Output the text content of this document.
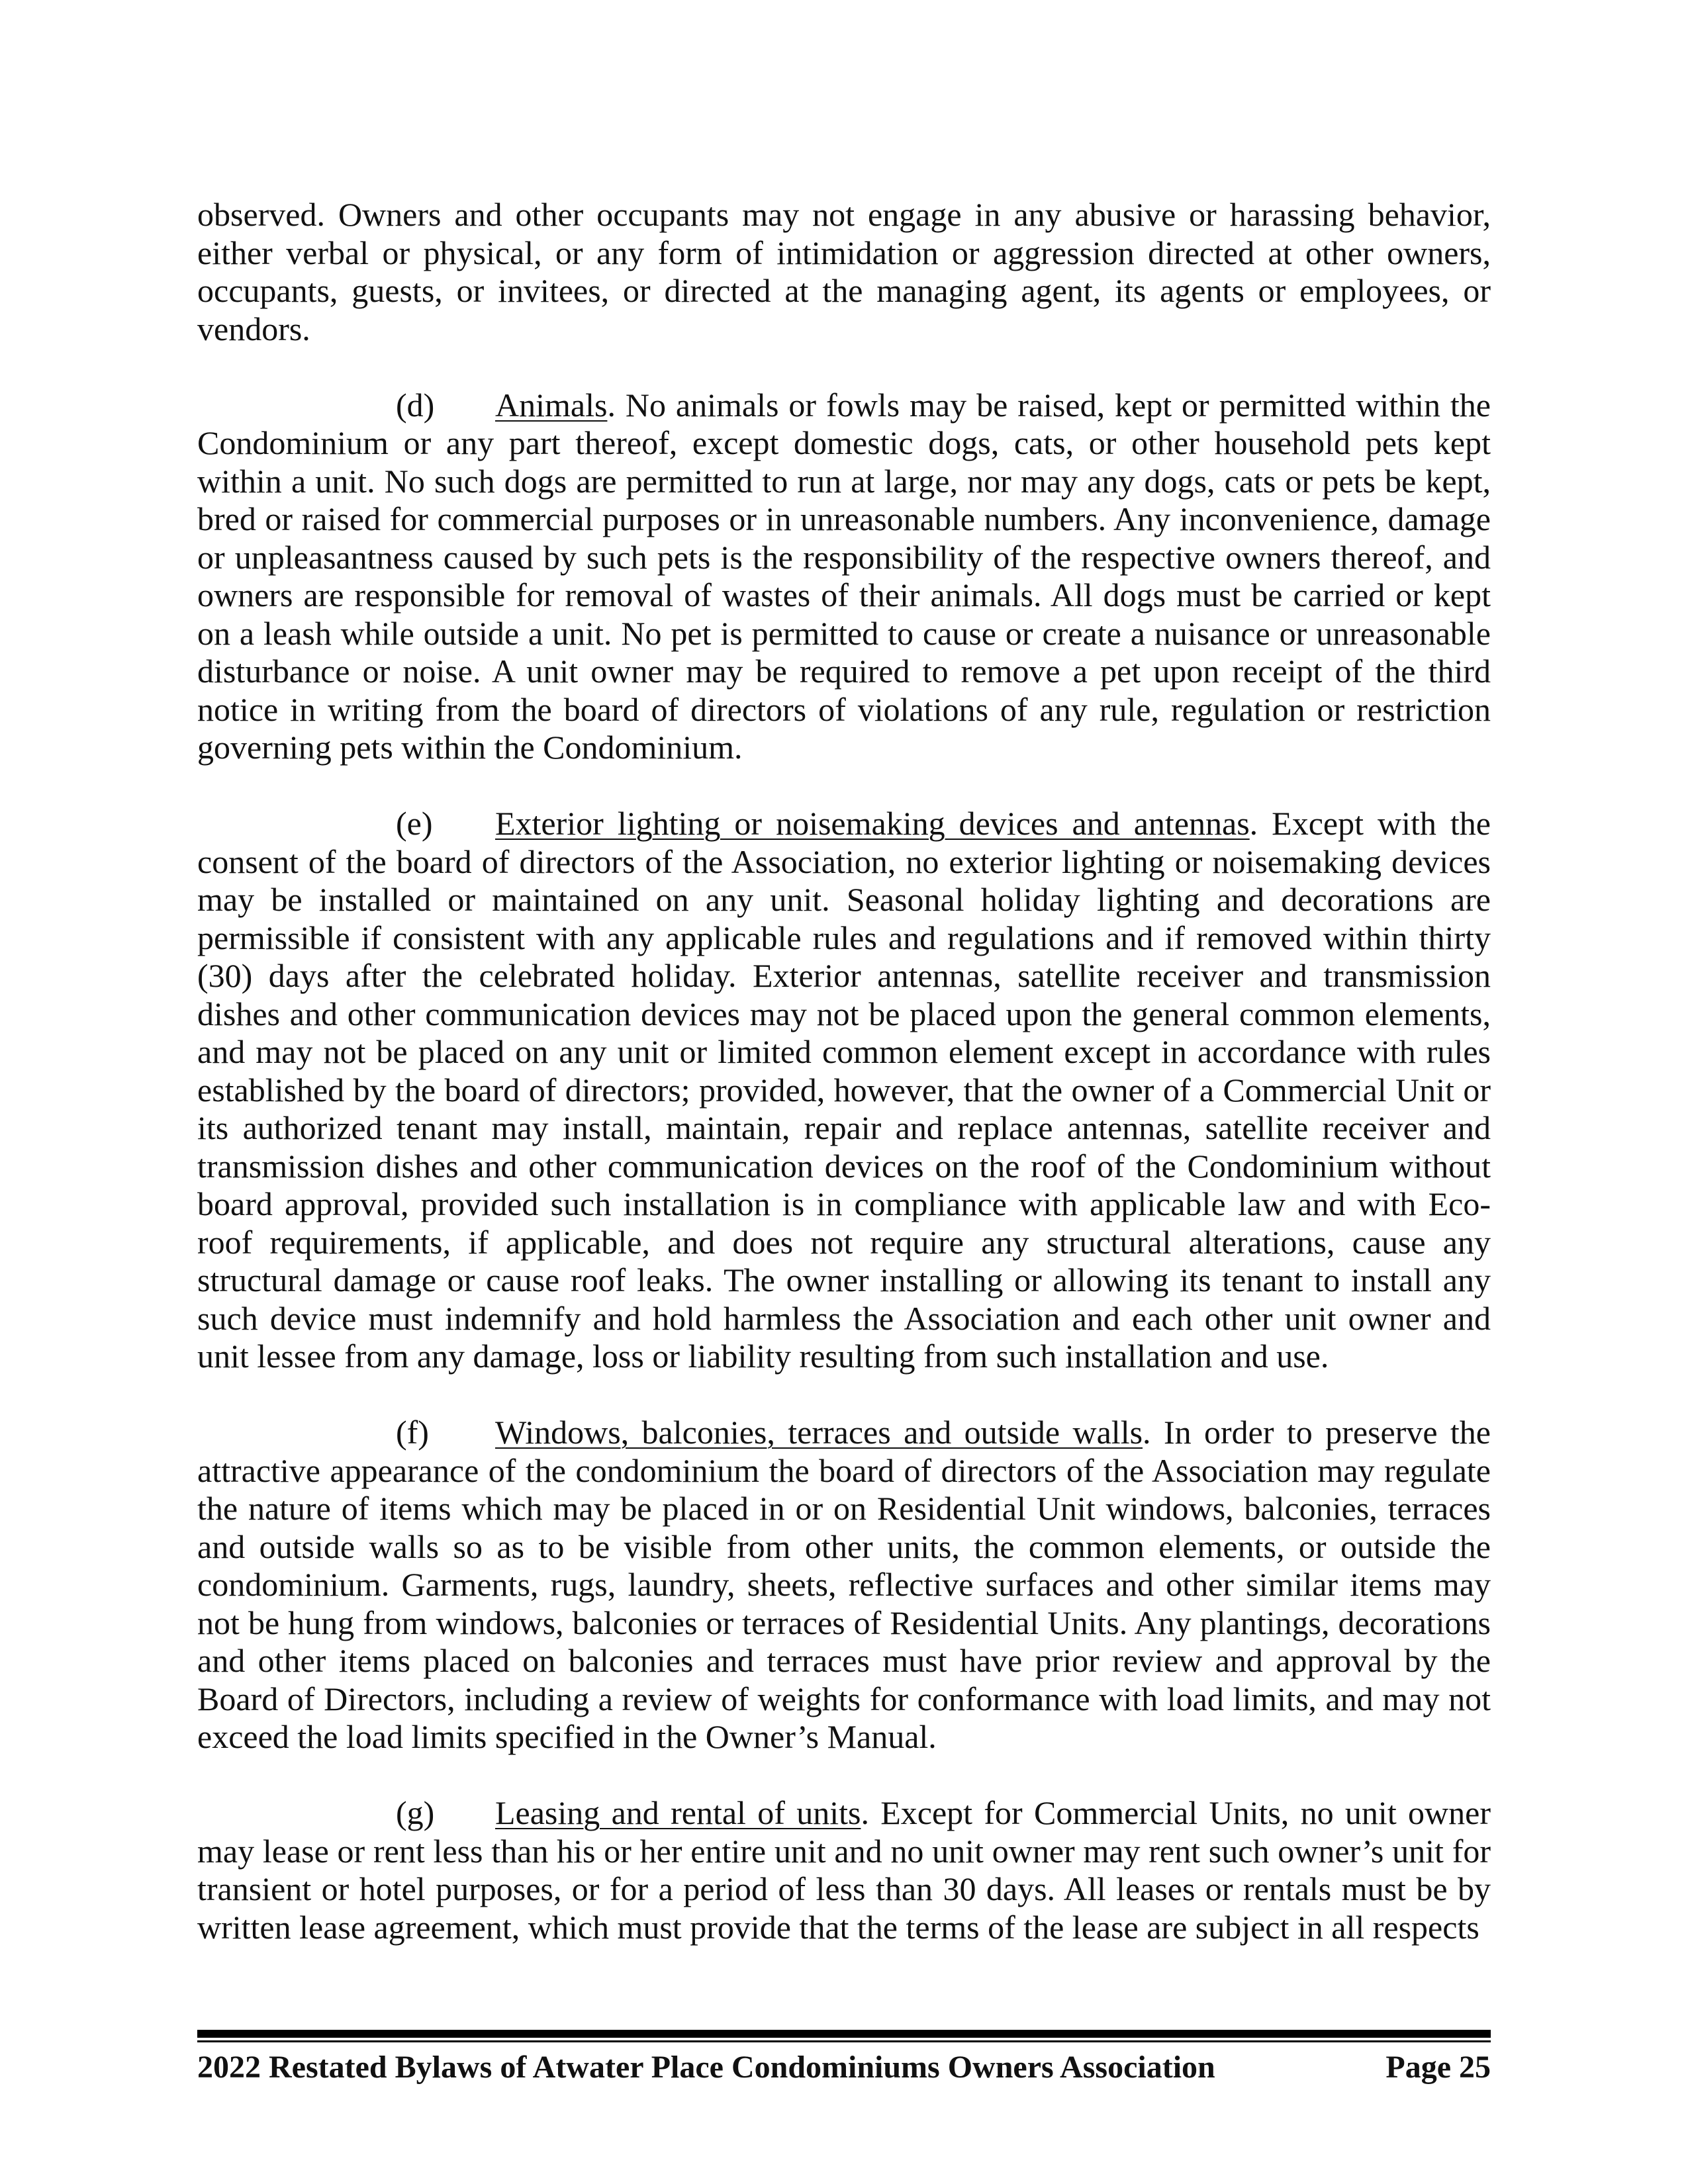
observed. Owners and other occupants may not engage in any abusive or harassing behavior, either verbal or physical, or any form of intimidation or aggression directed at other owners, occupants, guests, or invitees, or directed at the managing agent, its agents or employees, or vendors.

(d) Animals. No animals or fowls may be raised, kept or permitted within the Condominium or any part thereof, except domestic dogs, cats, or other household pets kept within a unit. No such dogs are permitted to run at large, nor may any dogs, cats or pets be kept, bred or raised for commercial purposes or in unreasonable numbers. Any inconvenience, damage or unpleasantness caused by such pets is the responsibility of the respective owners thereof, and owners are responsible for removal of wastes of their animals. All dogs must be carried or kept on a leash while outside a unit. No pet is permitted to cause or create a nuisance or unreasonable disturbance or noise. A unit owner may be required to remove a pet upon receipt of the third notice in writing from the board of directors of violations of any rule, regulation or restriction governing pets within the Condominium.

(e) Exterior lighting or noisemaking devices and antennas. Except with the consent of the board of directors of the Association, no exterior lighting or noisemaking devices may be installed or maintained on any unit. Seasonal holiday lighting and decorations are permissible if consistent with any applicable rules and regulations and if removed within thirty (30) days after the celebrated holiday. Exterior antennas, satellite receiver and transmission dishes and other communication devices may not be placed upon the general common elements, and may not be placed on any unit or limited common element except in accordance with rules established by the board of directors; provided, however, that the owner of a Commercial Unit or its authorized tenant may install, maintain, repair and replace antennas, satellite receiver and transmission dishes and other communication devices on the roof of the Condominium without board approval, provided such installation is in compliance with applicable law and with Eco-roof requirements, if applicable, and does not require any structural alterations, cause any structural damage or cause roof leaks. The owner installing or allowing its tenant to install any such device must indemnify and hold harmless the Association and each other unit owner and unit lessee from any damage, loss or liability resulting from such installation and use.

(f) Windows, balconies, terraces and outside walls. In order to preserve the attractive appearance of the condominium the board of directors of the Association may regulate the nature of items which may be placed in or on Residential Unit windows, balconies, terraces and outside walls so as to be visible from other units, the common elements, or outside the condominium. Garments, rugs, laundry, sheets, reflective surfaces and other similar items may not be hung from windows, balconies or terraces of Residential Units. Any plantings, decorations and other items placed on balconies and terraces must have prior review and approval by the Board of Directors, including a review of weights for conformance with load limits, and may not exceed the load limits specified in the Owner’s Manual.

(g) Leasing and rental of units. Except for Commercial Units, no unit owner may lease or rent less than his or her entire unit and no unit owner may rent such owner’s unit for transient or hotel purposes, or for a period of less than 30 days. All leases or rentals must be by written lease agreement, which must provide that the terms of the lease are subject in all respects

2022 Restated Bylaws of Atwater Place Condominiums Owners Association	Page 25
